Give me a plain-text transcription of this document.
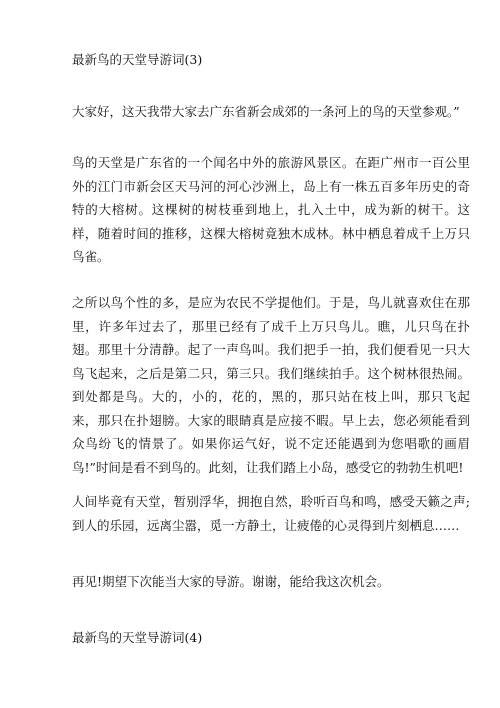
最新鸟的天堂导游词(3)
大家好，这天我带大家去广东省新会成郊的一条河上的鸟的天堂参观。”
鸟的天堂是广东省的一个闻名中外的旅游风景区。在距广州市一百公里外的江门市新会区天马河的河心沙洲上，岛上有一株五百多年历史的奇特的大榕树。这棵树的树枝垂到地上，扎入土中，成为新的树干。这样，随着时间的推移，这棵大榕树竟独木成林。林中栖息着成千上万只鸟雀。
之所以鸟个性的多，是应为农民不学提他们。于是，鸟儿就喜欢住在那里，许多年过去了，那里已经有了成千上万只鸟儿。瞧，儿只鸟在扑翅。那里十分清静。起了一声鸟叫。我们把手一拍，我们便看见一只大鸟飞起来，之后是第二只，第三只。我们继续拍手。这个树林很热闹。到处都是鸟。大的，小的，花的，黑的，那只站在枝上叫，那只飞起来，那只在扑翅膀。大家的眼睛真是应接不暇。早上去，您必须能看到众鸟纷飞的情景了。如果你运气好，说不定还能遇到为您唱歌的画眉鸟!”时间是看不到鸟的。此刻，让我们踏上小岛，感受它的勃勃生机吧!
人间毕竟有天堂，暂别浮华，拥抱自然，聆听百鸟和鸣，感受天籁之声;到人的乐园，远离尘嚣，觅一方静土，让疲倦的心灵得到片刻栖息……
再见!期望下次能当大家的导游。谢谢，能给我这次机会。
最新鸟的天堂导游词(4)
